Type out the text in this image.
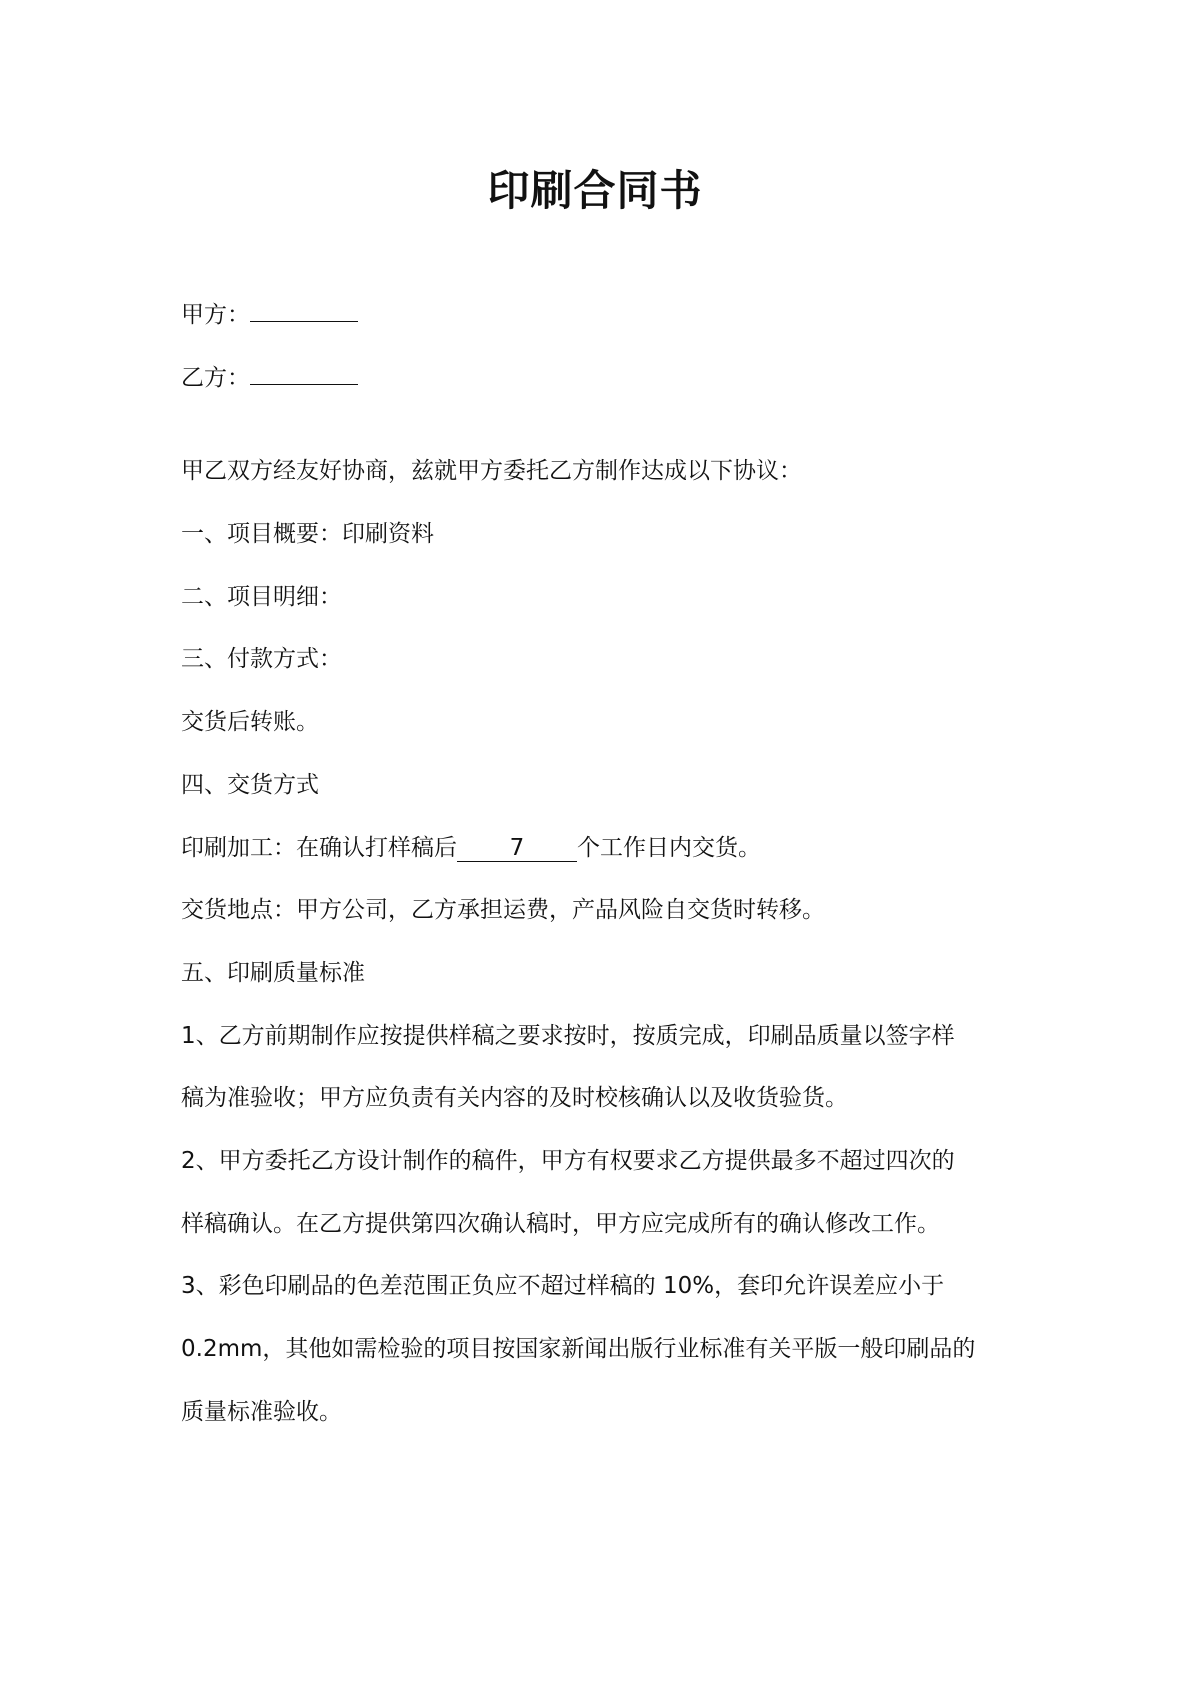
印刷合同书
甲方：
乙方：
甲乙双方经友好协商，兹就甲方委托乙方制作达成以下协议：
一、项目概要：印刷资料
二、项目明细：
三、付款方式：
交货后转账。
四、交货方式
印刷加工：在确认打样稿后 7 个工作日内交货。
交货地点：甲方公司，乙方承担运费，产品风险自交货时转移。
五、印刷质量标准
1、乙方前期制作应按提供样稿之要求按时，按质完成，印刷品质量以签字样
稿为准验收；甲方应负责有关内容的及时校核确认以及收货验货。
2、甲方委托乙方设计制作的稿件，甲方有权要求乙方提供最多不超过四次的
样稿确认。在乙方提供第四次确认稿时，甲方应完成所有的确认修改工作。
3、彩色印刷品的色差范围正负应不超过样稿的 10%，套印允许误差应小于
0.2mm，其他如需检验的项目按国家新闻出版行业标准有关平版一般印刷品的
质量标准验收。
